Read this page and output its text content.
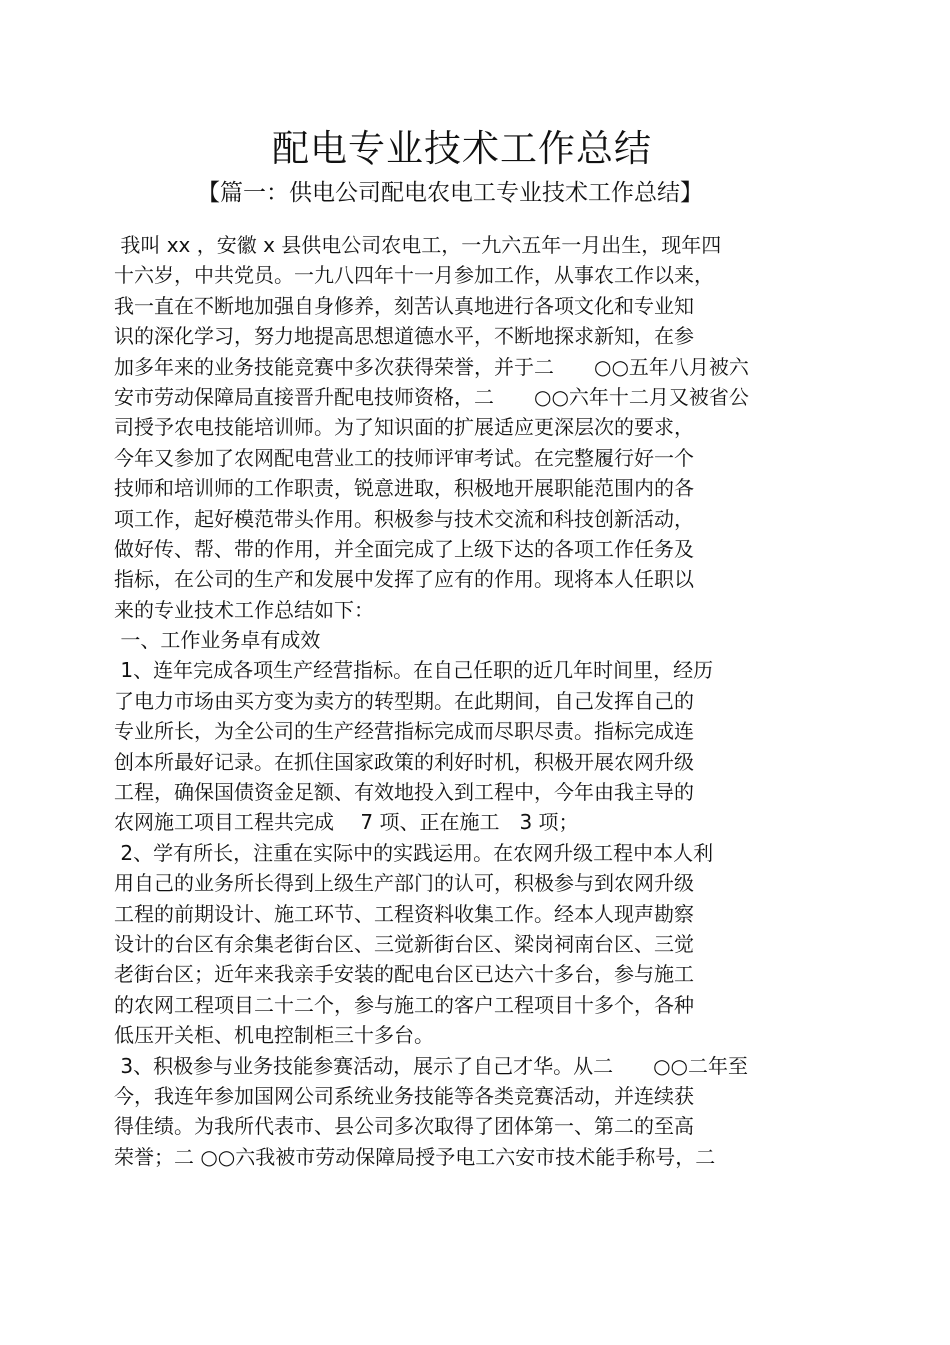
配电专业技术工作总结
【篇一：供电公司配电农电工专业技术工作总结】
我叫 xx ，安徽 x 县供电公司农电工，一九六五年一月出生，现年四
十六岁，中共党员。一九八四年十一月参加工作，从事农工作以来，
我一直在不断地加强自身修养，刻苦认真地进行各项文化和专业知
识的深化学习，努力地提高思想道德水平，不断地探求新知，在参
加多年来的业务技能竞赛中多次获得荣誉，并于二　　○○五年八月被六
安市劳动保障局直接晋升配电技师资格，二　　○○六年十二月又被省公
司授予农电技能培训师。为了知识面的扩展适应更深层次的要求，
今年又参加了农网配电营业工的技师评审考试。在完整履行好一个
技师和培训师的工作职责，锐意进取，积极地开展职能范围内的各
项工作，起好模范带头作用。积极参与技术交流和科技创新活动，
做好传、帮、带的作用，并全面完成了上级下达的各项工作任务及
指标，在公司的生产和发展中发挥了应有的作用。现将本人任职以
来的专业技术工作总结如下：
一、工作业务卓有成效
1、连年完成各项生产经营指标。在自己任职的近几年时间里，经历
了电力市场由买方变为卖方的转型期。在此期间，自己发挥自己的
专业所长，为全公司的生产经营指标完成而尽职尽责。指标完成连
创本所最好记录。在抓住国家政策的利好时机，积极开展农网升级
工程，确保国债资金足额、有效地投入到工程中，今年由我主导的
农网施工项目工程共完成　 7 项、正在施工　3 项；
2、学有所长，注重在实际中的实践运用。在农网升级工程中本人利
用自己的业务所长得到上级生产部门的认可，积极参与到农网升级
工程的前期设计、施工环节、工程资料收集工作。经本人现声勘察
设计的台区有余集老街台区、三觉新街台区、梁岗祠南台区、三觉
老街台区；近年来我亲手安装的配电台区已达六十多台，参与施工
的农网工程项目二十二个，参与施工的客户工程项目十多个，各种
低压开关柜、机电控制柜三十多台。
3、积极参与业务技能参赛活动，展示了自己才华。从二　　○○二年至
今，我连年参加国网公司系统业务技能等各类竞赛活动，并连续获
得佳绩。为我所代表市、县公司多次取得了团体第一、第二的至高
荣誉；二 ○○六我被市劳动保障局授予电工六安市技术能手称号，二
